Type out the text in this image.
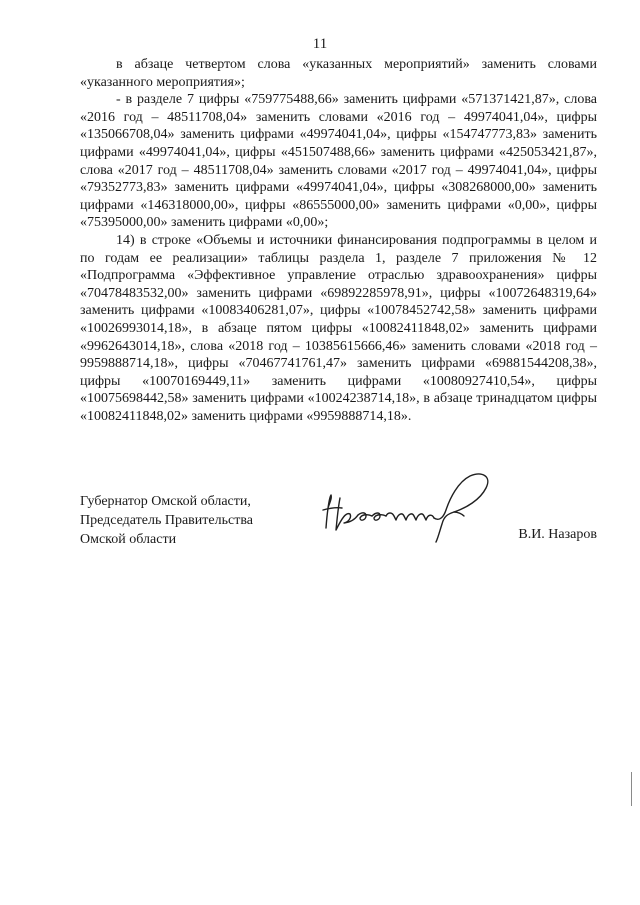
11

в абзаце четвертом слова «указанных мероприятий» заменить словами «указанного мероприятия»;

- в разделе 7 цифры «759775488,66» заменить цифрами «571371421,87», слова «2016 год – 48511708,04» заменить словами «2016 год – 49974041,04», цифры «135066708,04» заменить цифрами «49974041,04», цифры «154747773,83» заменить цифрами «49974041,04», цифры «451507488,66» заменить цифрами «425053421,87», слова «2017 год – 48511708,04» заменить словами «2017 год – 49974041,04», цифры «79352773,83» заменить цифрами «49974041,04», цифры «308268000,00» заменить цифрами «146318000,00», цифры «86555000,00» заменить цифрами «0,00», цифры «75395000,00» заменить цифрами «0,00»;

14) в строке «Объемы и источники финансирования подпрограммы в целом и по годам ее реализации» таблицы раздела 1, разделе 7 приложения № 12 «Подпрограмма «Эффективное управление отраслью здравоохранения» цифры «70478483532,00» заменить цифрами «69892285978,91», цифры «10072648319,64» заменить цифрами «10083406281,07», цифры «10078452742,58» заменить цифрами «10026993014,18», в абзаце пятом цифры «10082411848,02» заменить цифрами «9962643014,18», слова «2018 год – 10385615666,46» заменить словами «2018 год – 9959888714,18», цифры «70467741761,47» заменить цифрами «69881544208,38», цифры «10070169449,11» заменить цифрами «10080927410,54», цифры «10075698442,58» заменить цифрами «10024238714,18», в абзаце тринадцатом цифры «10082411848,02» заменить цифрами «9959888714,18».

Губернатор Омской области,
Председатель Правительства
Омской области	В.И. Назаров
